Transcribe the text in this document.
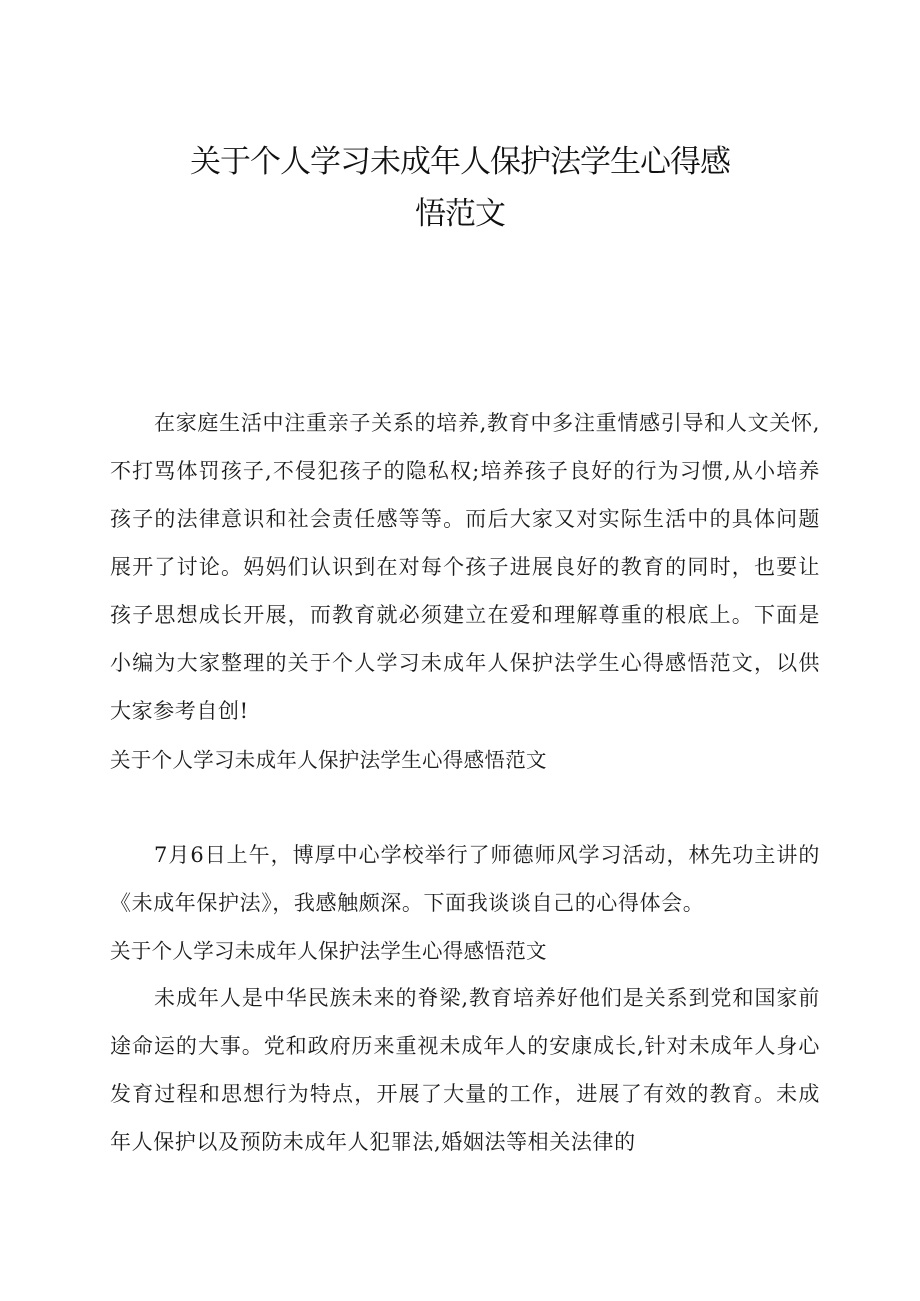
关于个人学习未成年人保护法学生心得感
悟范文

在家庭生活中注重亲子关系的培养,教育中多注重情感引导和人文关怀,不打骂体罚孩子,不侵犯孩子的隐私权;培养孩子良好的行为习惯,从小培养孩子的法律意识和社会责任感等等。而后大家又对实际生活中的具体问题展开了讨论。妈妈们认识到在对每个孩子进展良好的教育的同时，也要让孩子思想成长开展，而教育就必须建立在爱和理解尊重的根底上。下面是小编为大家整理的关于个人学习未成年人保护法学生心得感悟范文，以供大家参考自创!

关于个人学习未成年人保护法学生心得感悟范文

7月6日上午，博厚中心学校举行了师德师风学习活动，林先功主讲的《未成年保护法》，我感触颇深。下面我谈谈自己的心得体会。

关于个人学习未成年人保护法学生心得感悟范文

未成年人是中华民族未来的脊梁,教育培养好他们是关系到党和国家前途命运的大事。党和政府历来重视未成年人的安康成长,针对未成年人身心发育过程和思想行为特点，开展了大量的工作，进展了有效的教育。未成年人保护以及预防未成年人犯罪法,婚姻法等相关法律的
